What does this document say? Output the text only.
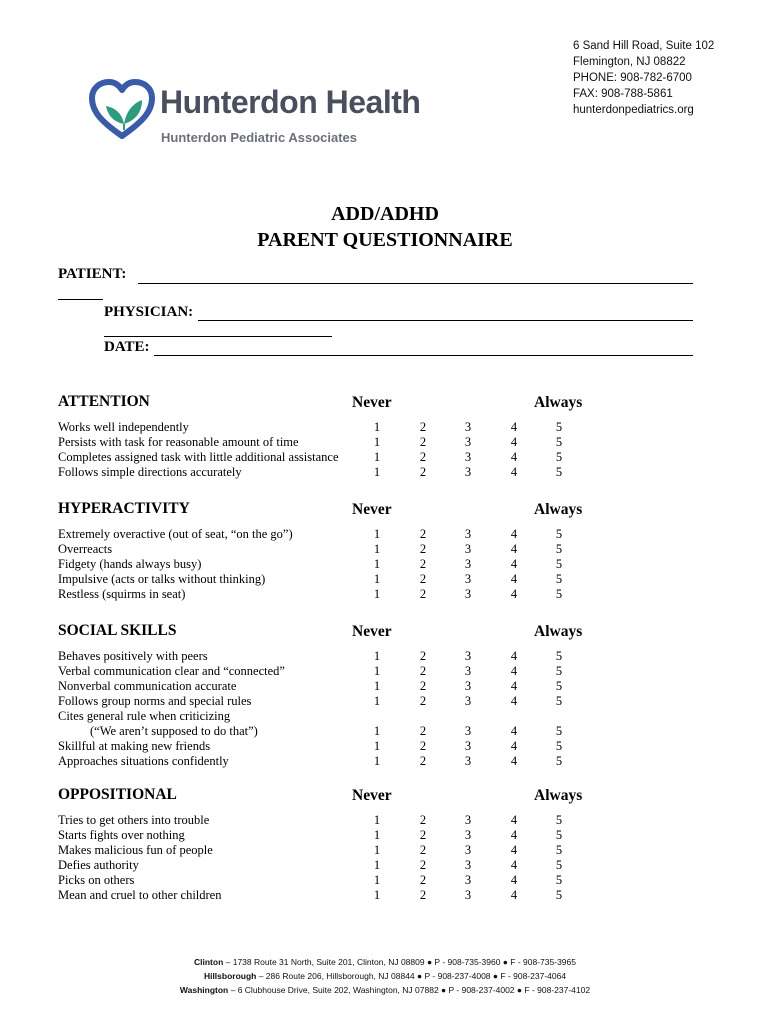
Hunterdon Health
Hunterdon Pediatric Associates
6 Sand Hill Road, Suite 102
Flemington, NJ 08822
PHONE: 908-782-6700
FAX: 908-788-5861
hunterdonpediatrics.org
ADD/ADHD
PARENT QUESTIONNAIRE
PATIENT:
PHYSICIAN:
DATE:
ATTENTION	Never	Always
Works well independently	1	2	3	4	5
Persists with task for reasonable amount of time	1	2	3	4	5
Completes assigned task with little additional assistance	1	2	3	4	5
Follows simple directions accurately	1	2	3	4	5
HYPERACTIVITY	Never	Always
Extremely overactive (out of seat, “on the go”)	1	2	3	4	5
Overreacts	1	2	3	4	5
Fidgety (hands always busy)	1	2	3	4	5
Impulsive (acts or talks without thinking)	1	2	3	4	5
Restless (squirms in seat)	1	2	3	4	5
SOCIAL SKILLS	Never	Always
Behaves positively with peers	1	2	3	4	5
Verbal communication clear and “connected”	1	2	3	4	5
Nonverbal communication accurate	1	2	3	4	5
Follows group norms and special rules	1	2	3	4	5
Cites general rule when criticizing
(“We aren’t supposed to do that”)	1	2	3	4	5
Skillful at making new friends	1	2	3	4	5
Approaches situations confidently	1	2	3	4	5
OPPOSITIONAL	Never	Always
Tries to get others into trouble	1	2	3	4	5
Starts fights over nothing	1	2	3	4	5
Makes malicious fun of people	1	2	3	4	5
Defies authority	1	2	3	4	5
Picks on others	1	2	3	4	5
Mean and cruel to other children	1	2	3	4	5
Clinton – 1738 Route 31 North, Suite 201, Clinton, NJ 08809 ● P - 908-735-3960 ● F - 908-735-3965
Hillsborough – 286 Route 206, Hillsborough, NJ 08844 ● P - 908-237-4008 ● F - 908-237-4064
Washington – 6 Clubhouse Drive, Suite 202, Washington, NJ 07882 ● P - 908-237-4002 ● F - 908-237-4102
